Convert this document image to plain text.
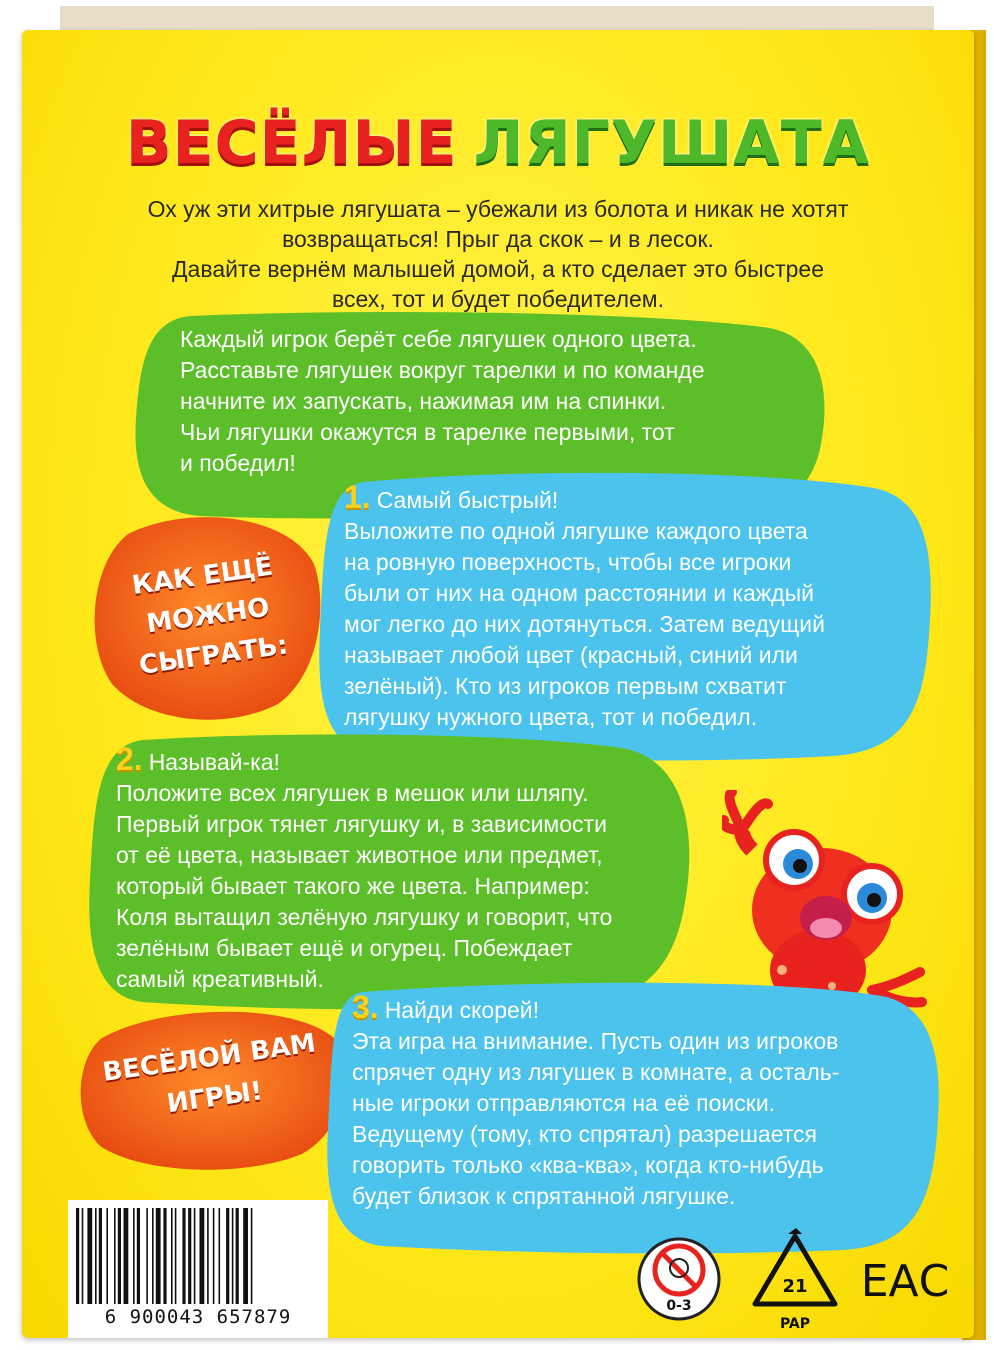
ВЕСЁЛЫЕ ЛЯГУШАТА

Ох уж эти хитрые лягушата – убежали из болота и никак не хотят

возвращаться! Прыг да скок – и в лесок.

Давайте вернём малышей домой, а кто сделает это быстрее

всех, тот и будет победителем.

Каждый игрок берёт себе лягушек одного цвета.

Расставьте лягушек вокруг тарелки и по команде

начните их запускать, нажимая им на спинки.

Чьи лягушки окажутся в тарелке первыми, тот

и победил!

КАК ЕЩЁ
МОЖНО
СЫГРАТЬ:

1. Самый быстрый!

Выложите по одной лягушке каждого цвета

на ровную поверхность, чтобы все игроки

были от них на одном расстоянии и каждый

мог легко до них дотянуться. Затем ведущий

называет любой цвет (красный, синий или

зелёный). Кто из игроков первым схватит

лягушку нужного цвета, тот и победил.

2. Называй-ка!

Положите всех лягушек в мешок или шляпу.

Первый игрок тянет лягушку и, в зависимости

от её цвета, называет животное или предмет,

который бывает такого же цвета. Например:

Коля вытащил зелёную лягушку и говорит, что

зелёным бывает ещё и огурец. Побеждает

самый креативный.

ВЕСЁЛОЙ ВАМ
ИГРЫ!

3. Найди скорей!

Эта игра на внимание. Пусть один из игроков

спрячет одну из лягушек в комнате, а осталь-

ные игроки отправляются на её поиски.

Ведущему (тому, кто спрятал) разрешается

говорить только «ква-ква», когда кто-нибудь

будет близок к спрятанной лягушке.

6 900043 657879	0-3
21
PAP
ЕАС
